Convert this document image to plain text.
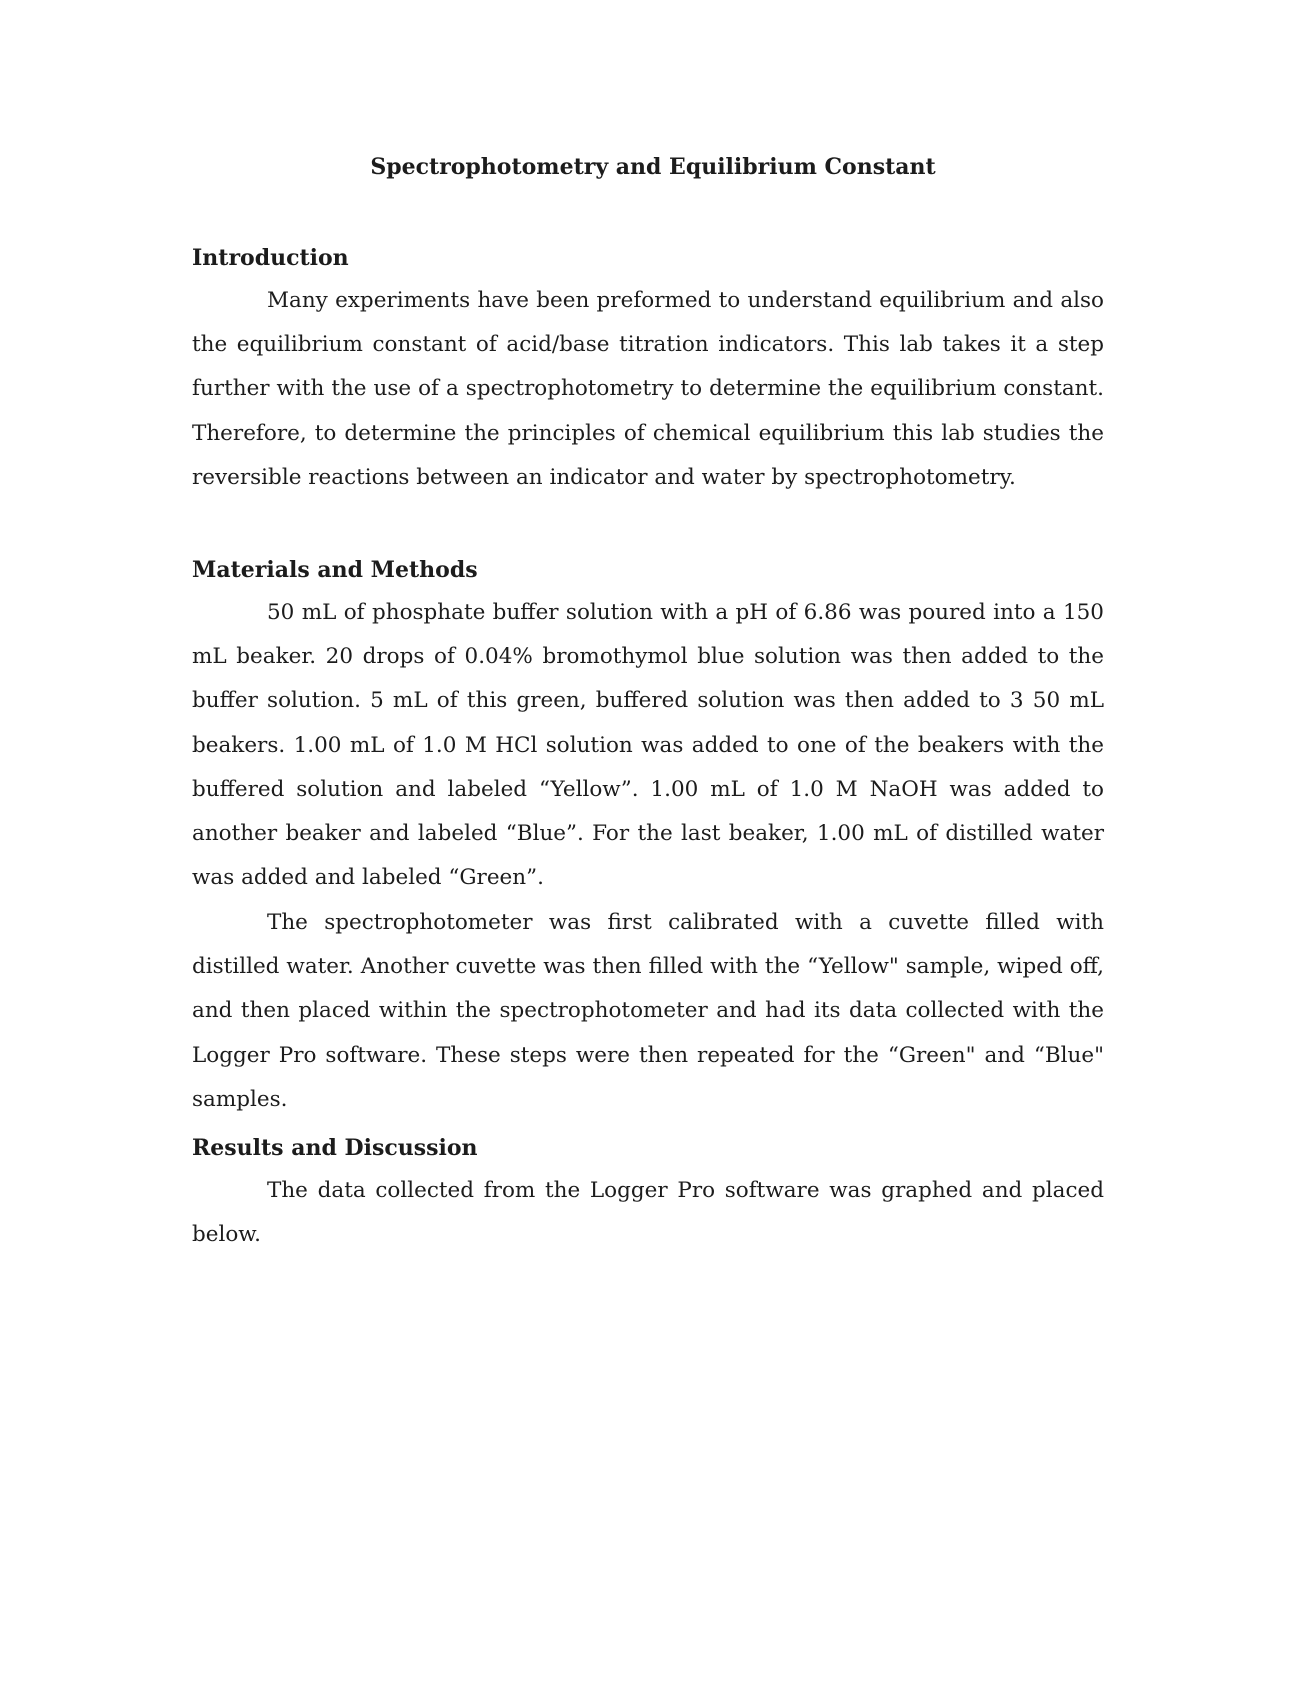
Spectrophotometry and Equilibrium Constant
Introduction

Many experiments have been preformed to understand equilibrium and also the equilibrium constant of acid/base titration indicators. This lab takes it a step further with the use of a spectrophotometry to determine the equilibrium constant. Therefore, to determine the principles of chemical equilibrium this lab studies the reversible reactions between an indicator and water by spectrophotometry.

Materials and Methods

50 mL of phosphate buffer solution with a pH of 6.86 was poured into a 150 mL beaker. 20 drops of 0.04% bromothymol blue solution was then added to the buffer solution. 5 mL of this green, buffered solution was then added to 3 50 mL beakers. 1.00 mL of 1.0 M HCl solution was added to one of the beakers with the buffered solution and labeled “Yellow”. 1.00 mL of 1.0 M NaOH was added to another beaker and labeled “Blue”. For the last beaker, 1.00 mL of distilled water was added and labeled “Green”.

The spectrophotometer was first calibrated with a cuvette filled with distilled water. Another cuvette was then filled with the “Yellow" sample, wiped off, and then placed within the spectrophotometer and had its data collected with the Logger Pro software. These steps were then repeated for the “Green" and “Blue" samples.

Results and Discussion

The data collected from the Logger Pro software was graphed and placed below.
